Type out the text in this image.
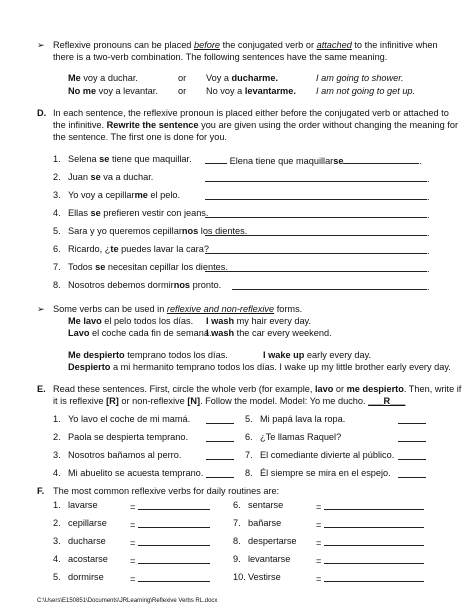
➢ Reflexive pronouns can be placed before the conjugated verb or attached to the infinitive when
there is a two-verb combination. The following sentences have the same meaning.
Me voy a duchar.	or Voy a ducharme.	I am going to shower.
No me voy a levantar. or No voy a levantarme. I am not going to get up.
D. In each sentence, the reflexive pronoun is placed either before the conjugated verb or attached to
the infinitive. Rewrite the sentence you are given using the order without changing the meaning for
the sentence. The first one is done for you.
1. Selena se tiene que maquillar.	Elena tiene que maquillarse	.
2. Juan se va a duchar.	.
3. Yo voy a cepillarme el pelo.	.
4. Ellas se prefieren vestir con jeans.	.
5. Sara y yo queremos cepillarnos los dientes.	.
6. Ricardo, ¿te puedes lavar la cara?	.
7. Todos se necesitan cepillar los dientes.	.
8. Nosotros debemos dormirnos pronto.	.
➢ Some verbs can be used in reflexive and non-reflexive forms.
Me lavo el pelo todos los días. I wash my hair every day.
Lavo el coche cada fin de semana.
I wash the car every weekend.
Me despierto temprano todos los días.	I wake up early every day.
Despierto a mi hermanito temprano todos los días. I wake up my little brother early every day.
E. Read these sentences. First, circle the whole verb (for example, lavo or me despierto. Then, write if
it is reflexive [R] or non-reflexive [N]. Follow the model. Model: Yo me ducho. ___R___
1. Yo lavo el coche de mi mamá.	5. Mi papá lava la ropa.
2. Paola se despierta temprano.	6. ¿Te llamas Raquel?
3. Nosotros bañamos al perro.	7. El comediante divierte al público.
4. Mi abuelito se acuesta temprano.	8. Él siempre se mira en el espejo.
F. The most common reflexive verbs for daily routines are:
1. lavarse	=	6. sentarse	=
2. cepillarse	=	7. bañarse	=
3. ducharse	=	8. despertarse =
4. acostarse =	9. levantarse	=
5. dormirse	=	10. Vestirse	=
C:\Users\E150851\Documents\JRLearning\Reflexive Verbs RL.docx
